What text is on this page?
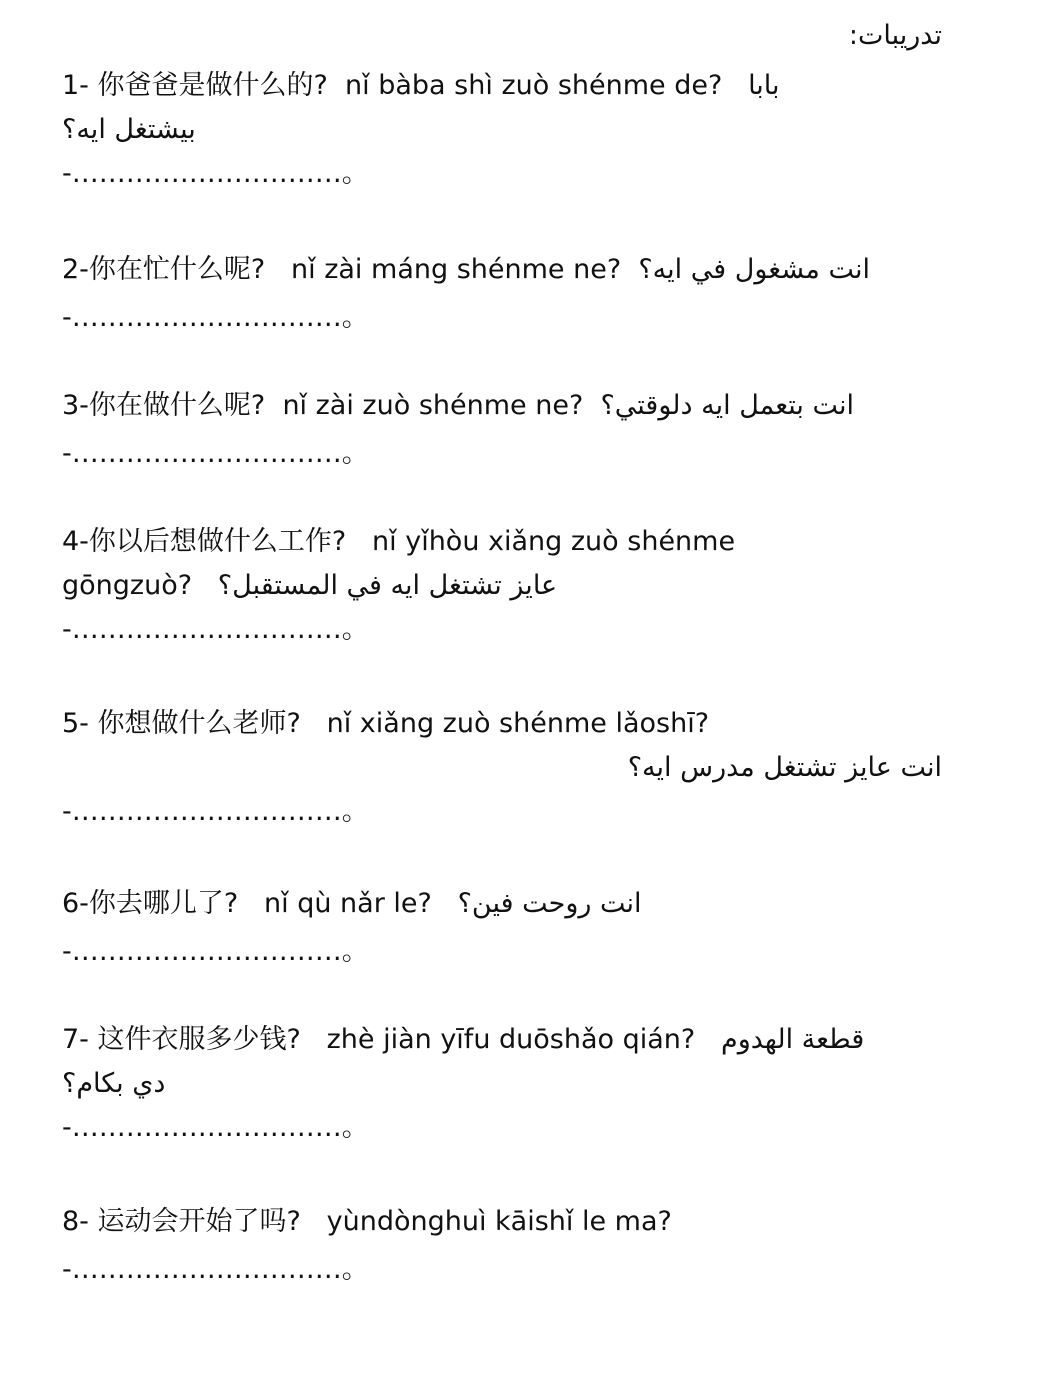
تدريبات:
1- 你爸爸是做什么的? nǐ bàba shì zuò shénme de? بابا
بيشتغل ايه؟
-…………………………。
2-你在忙什么呢? nǐ zài máng shénme ne? انت مشغول في ايه؟
-…………………………。
3-你在做什么呢? nǐ zài zuò shénme ne? انت بتعمل ايه دلوقتي؟
-…………………………。
4-你以后想做什么工作? nǐ yǐhòu xiǎng zuò shénme
gōngzuò? عايز تشتغل ايه في المستقبل؟
-…………………………。
5- 你想做什么老师? nǐ xiǎng zuò shénme lǎoshī?
انت عايز تشتغل مدرس ايه؟
-…………………………。
6-你去哪儿了? nǐ qù nǎr le? انت روحت فين؟
-…………………………。
7- 这件衣服多少钱? zhè jiàn yīfu duōshǎo qián? قطعة الهدوم
دي بكام؟
-…………………………。
8- 运动会开始了吗? yùndònghuì kāishǐ le ma?
-…………………………。
